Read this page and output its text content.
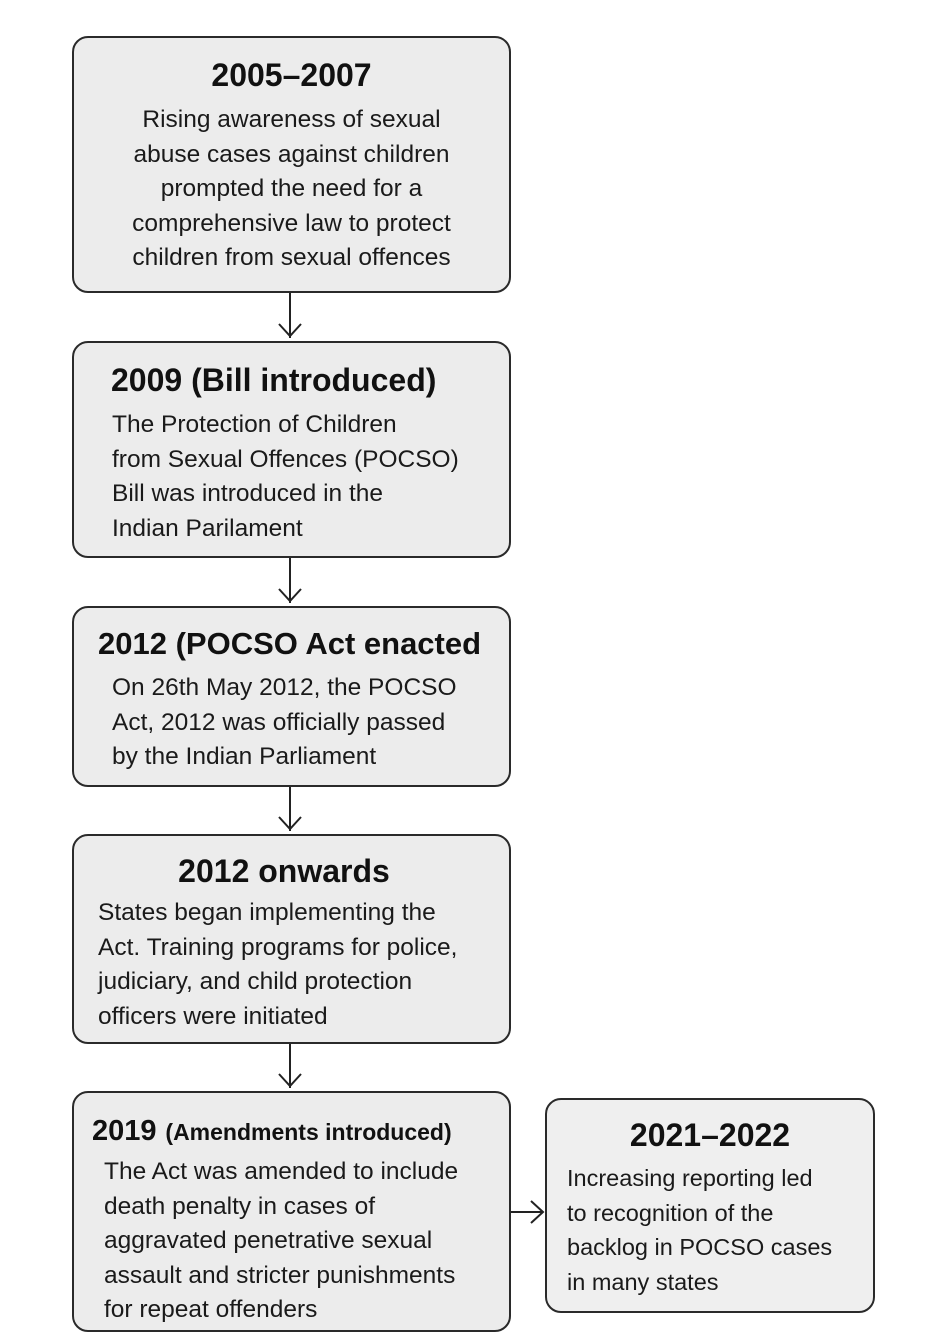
2005–2007
Rising awareness of sexual
abuse cases against children
prompted the need for a
comprehensive law to protect
children from sexual offences
2009 (Bill introduced)
The Protection of Children
from Sexual Offences (POCSO)
Bill was introduced in the
Indian Parilament
2012 (POCSO Act enacted
On 26th May 2012, the POCSO
Act, 2012 was officially passed
by the Indian Parliament
2012 onwards
States began implementing the
Act. Training programs for police,
judiciary, and child protection
officers were initiated
2019 (Amendments introduced)
The Act was amended to include
death penalty in cases of
aggravated penetrative sexual
assault and stricter punishments
for repeat offenders
2021–2022
Increasing reporting led
to recognition of the
backlog in POCSO cases
in many states
